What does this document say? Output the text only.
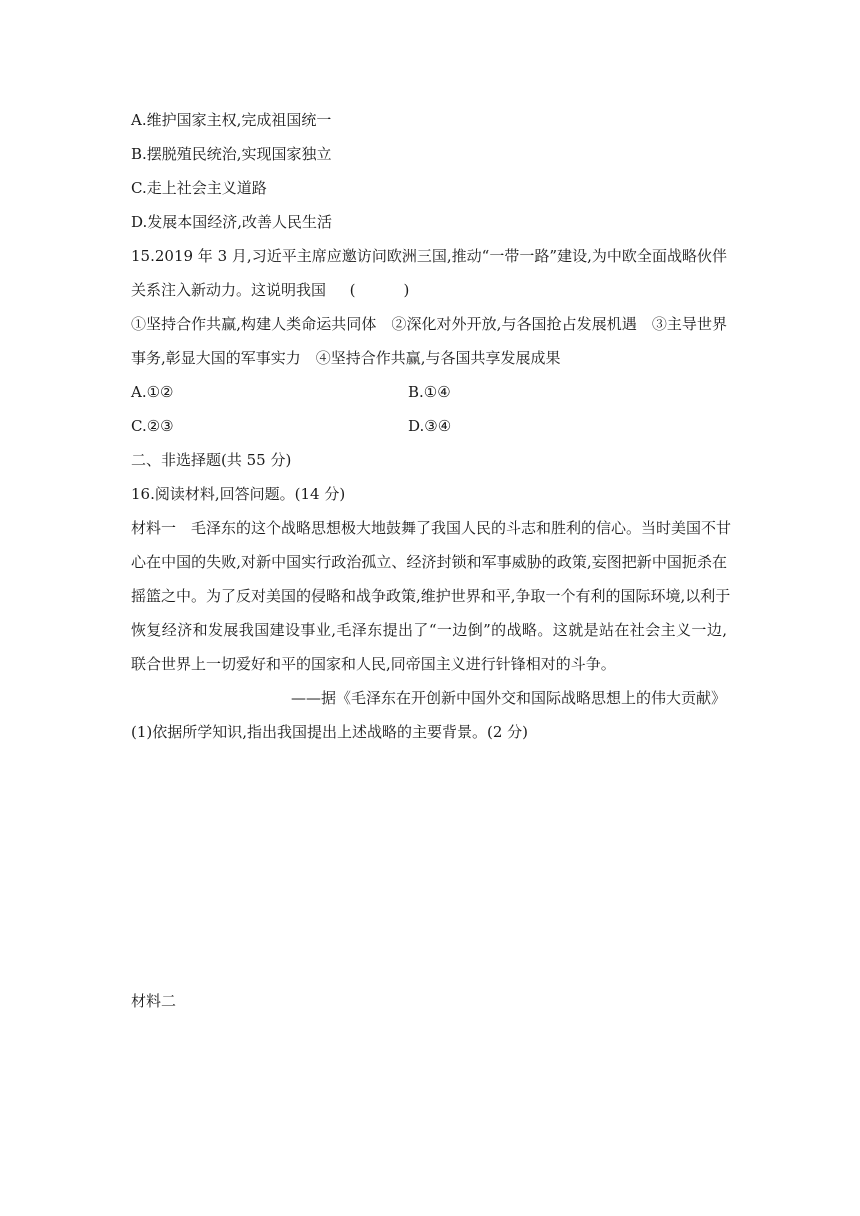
A.维护国家主权,完成祖国统一
B.摆脱殖民统治,实现国家独立
C.走上社会主义道路
D.发展本国经济,改善人民生活
15.2019 年 3 月,习近平主席应邀访问欧洲三国,推动“一带一路”建设,为中欧全面战略伙伴
关系注入新动力。这说明我国 (	)
①坚持合作共赢,构建人类命运共同体　②深化对外开放,与各国抢占发展机遇　③主导世界
事务,彰显大国的军事实力　④坚持合作共赢,与各国共享发展成果
A.①②	B.①④
C.②③	D.③④
二、非选择题(共 55 分)
16.阅读材料,回答问题。(14 分)
材料一　毛泽东的这个战略思想极大地鼓舞了我国人民的斗志和胜利的信心。当时美国不甘
心在中国的失败,对新中国实行政治孤立、经济封锁和军事威胁的政策,妄图把新中国扼杀在
摇篮之中。为了反对美国的侵略和战争政策,维护世界和平,争取一个有利的国际环境,以利于
恢复经济和发展我国建设事业,毛泽东提出了“一边倒”的战略。这就是站在社会主义一边,
联合世界上一切爱好和平的国家和人民,同帝国主义进行针锋相对的斗争。
——据《毛泽东在开创新中国外交和国际战略思想上的伟大贡献》
(1)依据所学知识,指出我国提出上述战略的主要背景。(2 分)
材料二
